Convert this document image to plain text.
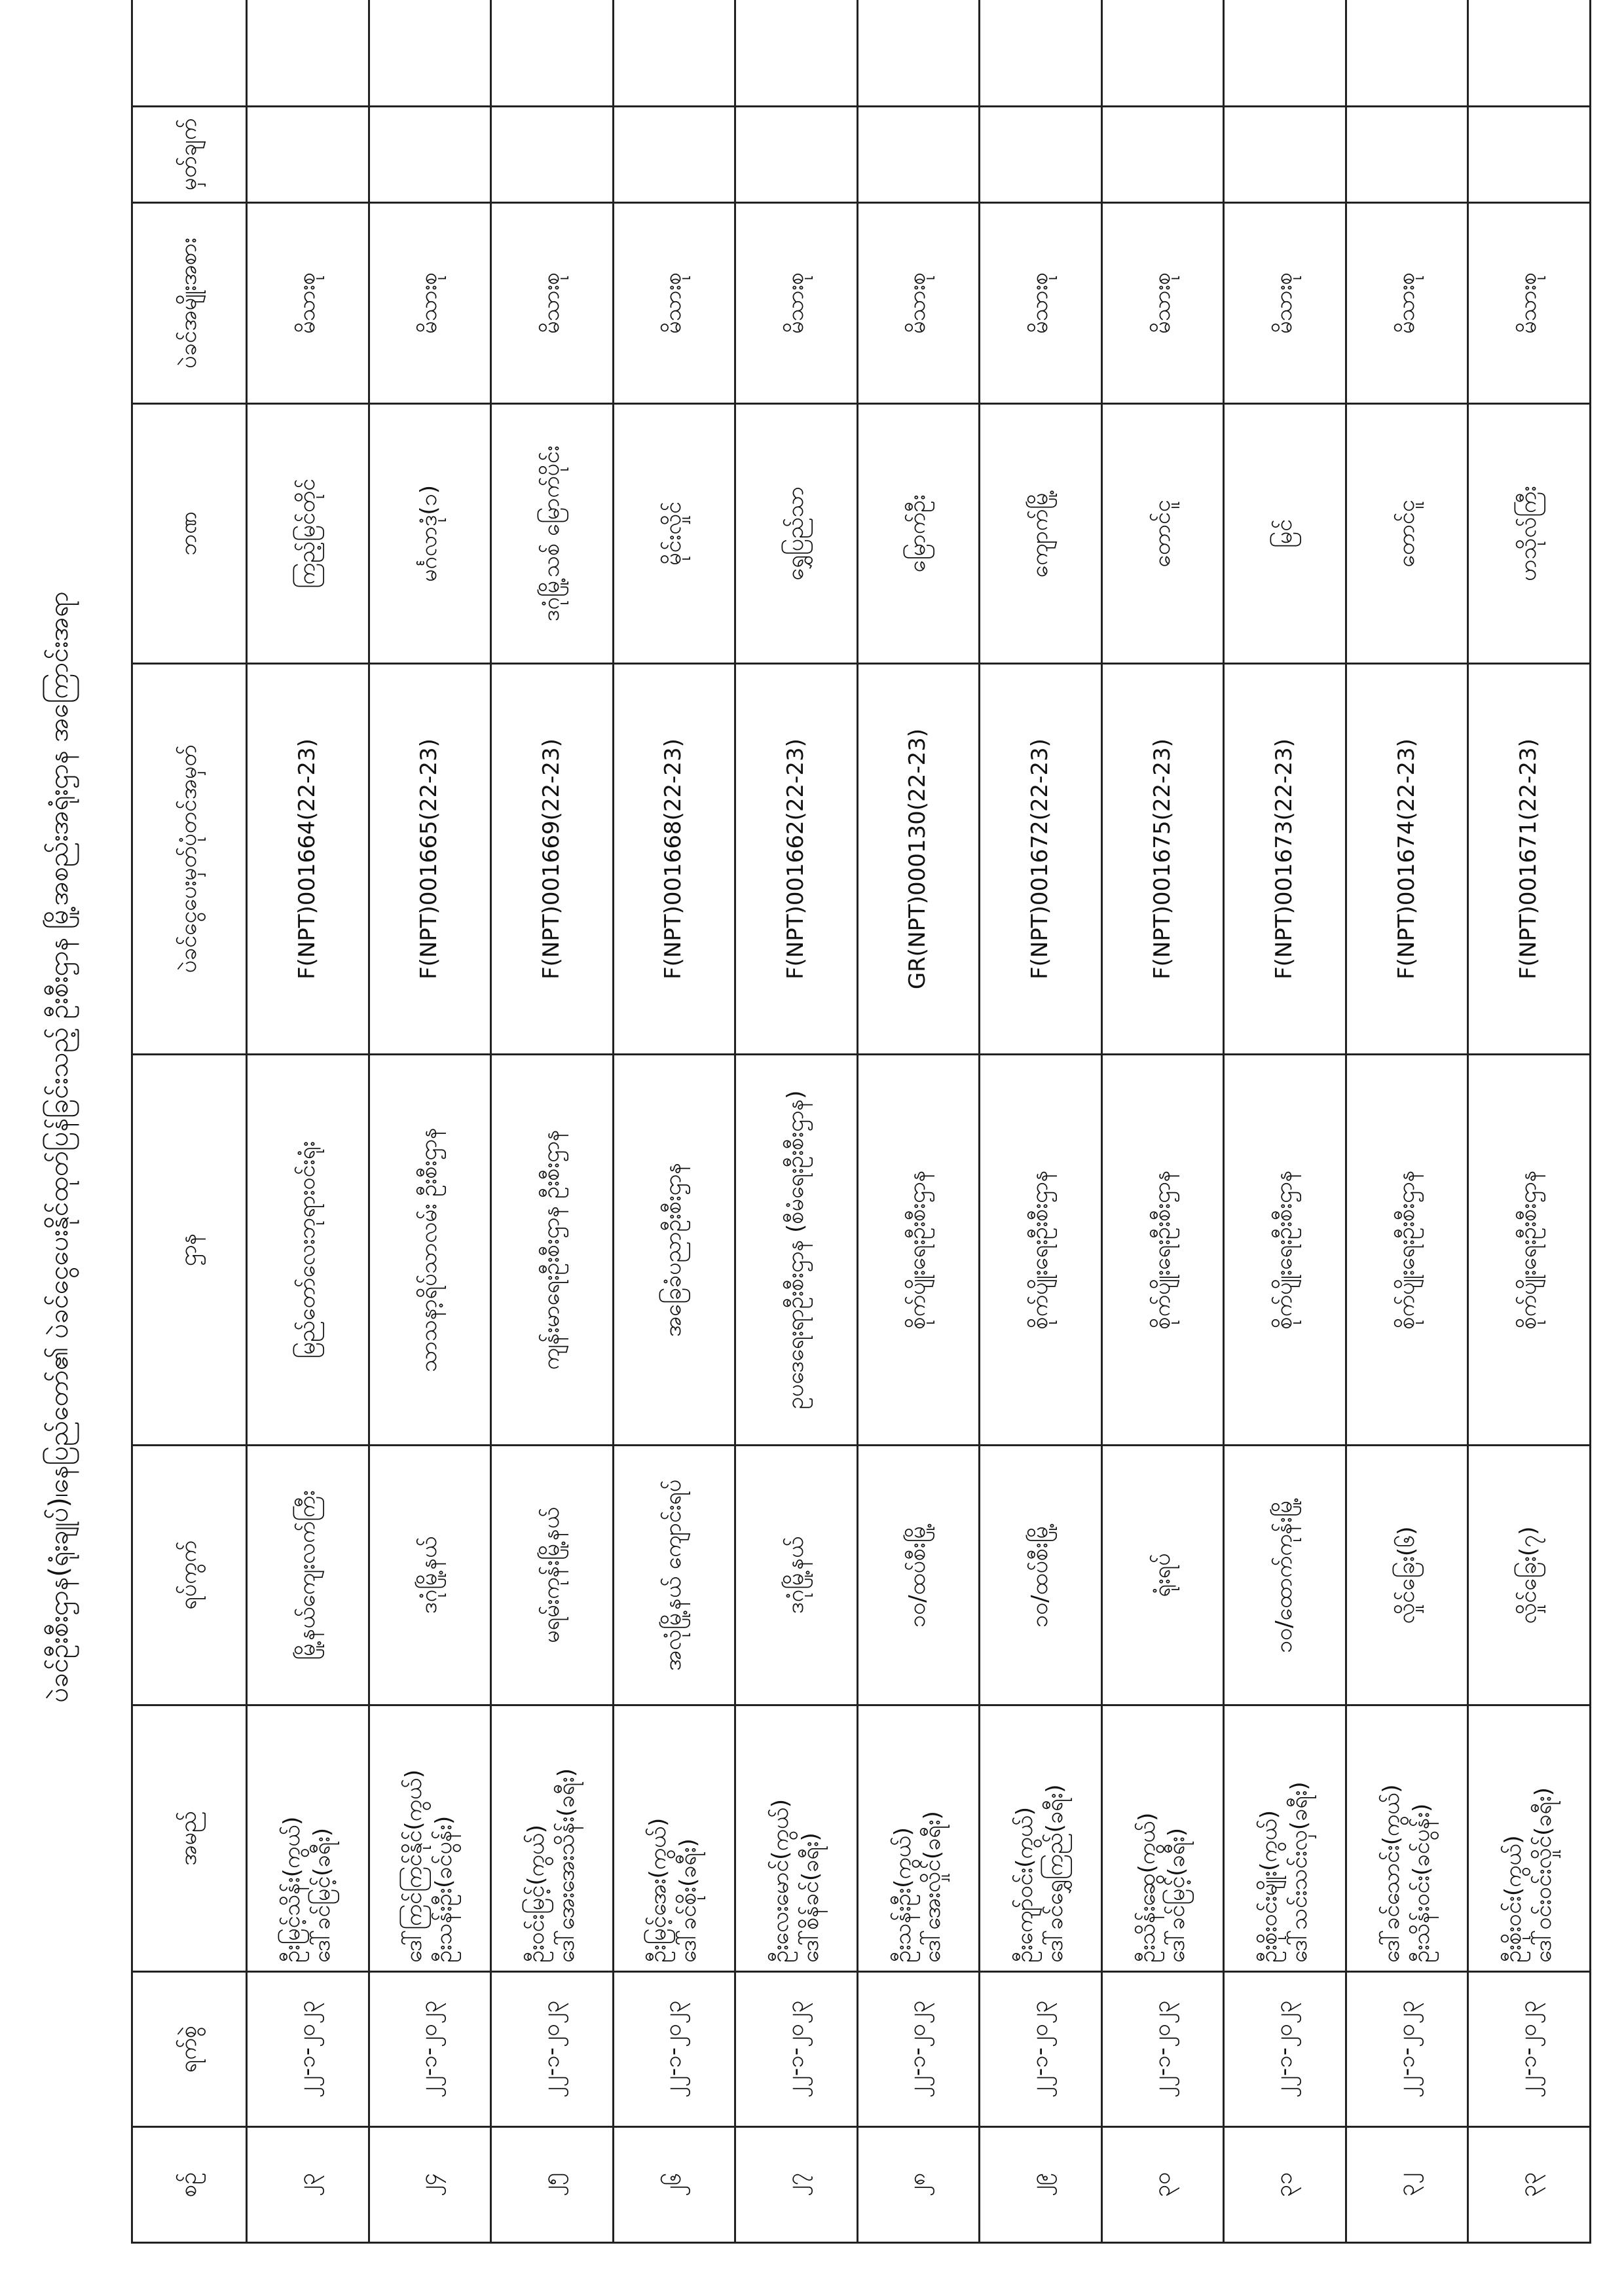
ပဲခင်ဦးစီးဌာန(ရုံးချုပ်)၊နေပြည်တော်၏ ပဲခင်ငွေပေးနိုင်ထုတ်ပြန်ခြင်းသည့် ဦးစီးဌာန မြို့အစည်းအရုံးဌာန အကြောင်းအရာ
စဉ်	ရက်စွဲ	အမည်	ရပ်ကွက်	ဌာန	ပဲခင်ငွေပေးမှတ်ပုံတင်အမှတ်	ဘဏ	ပဲခင်အမျိုးအစား	မှတ်ချက်	
၂၃	၂၂-၁-၂၀၂၃	ဦးမြင့်သိန်း(ကွယ်) ဒေါ်ခင်မြင့်(ခရီး)	မြို့နယ်ကျေးလက်ကြီး	မြည်တော်လေးဘုရားဝင်းရုံး	F(NPT)001664(22-23)	ကြည့်မြင်တိုင်	မိသားစု		
၂၄	၂၂-၁-၂၀၂၃	ဒေါ်ကြင်ကြင်နိုင်(ကွယ်) ဦးသန်းဦး(ခင်ပွန်း)	ဒဂုံမြို့နယ်	သာသနာ့ရိပ်သာလမ်း ဦးစီးဌာန	F(NPT)001665(22-23)	မင်္ဂလာဒုံ(၁)	မိသားစု		
၂၅	၂၂-၁-၂၀၂၃	ဦးဝင်းမြင့်(ကွယ်) ဒေါ်အေးအေးသိန်း(ခရီး)	မရမ်းကုန်းမြို့နယ်	ကျန်းမာရေးဦးစီးဌာန ဦးစီးဌာန	F(NPT)001669(22-23)	ဒဂုံမြို့သစ် မြောက်ပိုင်း	မိသားစု		
၂၆	၂၂-၁-၂၀၂၃	ဦးမြင့်အေး(ကွယ်) ဒေါ်ခင်စိုး(ခရီး)	အလုံမြို့နယ် ကျောင်းရပ်	အခြေခံပညာဦးစီးဌာန	F(NPT)001668(22-23)	မိုင်းလှိုင်	မိသားစု		
၂၇	၂၂-၁-၂၀၂၃	ဦးလေးမောင်(ကွယ်) ဒေါ်စိန်ခင်(ခရီး)	ဒဂုံမြို့နယ်	ဥပဒေရေးရာဦးစီးဌာန (စီမံရေးဦးစီးဌာန)	F(NPT)001662(22-23)	ရွှေပြည်သာ	မိသားစု		
၂၈	၂၂-၁-၂၀၂၃	ဦးသန်းဦး(ကွယ်) ဒေါ်အေးလှိုင်(ခရီး)	၁၀/ထပ်စီးမြို့	စိုက်ပျိုးရေးဦးစီးဌာန	GR(NPT)000130(22-23)	မြောက်ဦး	မိသားစု		
၂၉	၂၂-၁-၂၀၂၃	ဦးကျော်ဝင်း(ကွယ်) ဒေါ်ခင်ရွှေကြည်(ခရီး)	၁၀/ထပ်စီးမြို့	စိုက်ပျိုးရေးဦးစီးဌာန	F(NPT)001672(22-23)	ကျောက်မြို့	မိသားစု		
၃၀	၂၂-၁-၂၀၂၃	ဦးသိန်းဆွေ(ကွယ်) ဒေါ်ခင်မြင့်(ခရီး)	ရုံးရပ်	စိုက်ပျိုးရေးဦးစီးဌာန	F(NPT)001675(22-23)	တောင်ငူ	မိသားစု		
၃၁	၂၂-၁-၂၀၂၃	ဦးစိုးဝင်းမျိုး(ကွယ်) ဒေါ်သင်းသင်းလှ(ခရီး)	၁၀/ထောက်ကုန်းမြို့	စိုက်ပျိုးရေးဦးစီးဌာန	F(NPT)001673(22-23)	မြင်	မိသားစု		
၃၂	၂၂-၁-၂၀၂၃	ဒေါ်ခင်သောင်း(ကွယ်) ဦးသိန်းဝင်း(ခင်ပွန်း)	လှိုင်ခြေး(၆)	စိုက်ပျိုးရေးဦးစီးဌာန	F(NPT)001674(22-23)	တောင်ငူ	မိသားစု		
၃၃	၂၂-၁-၂၀၂၃	ဦးစိုးဝင်း(ကွယ်) ဒေါ်ဝင်းဝင်းလှိုင်(ခရီး)	လှိုင်ခြေး(၇)	စိုက်ပျိုးရေးဦးစီးဌာန	F(NPT)001671(22-23)	ဟသိုလ်ကြီး	မိသားစု		
